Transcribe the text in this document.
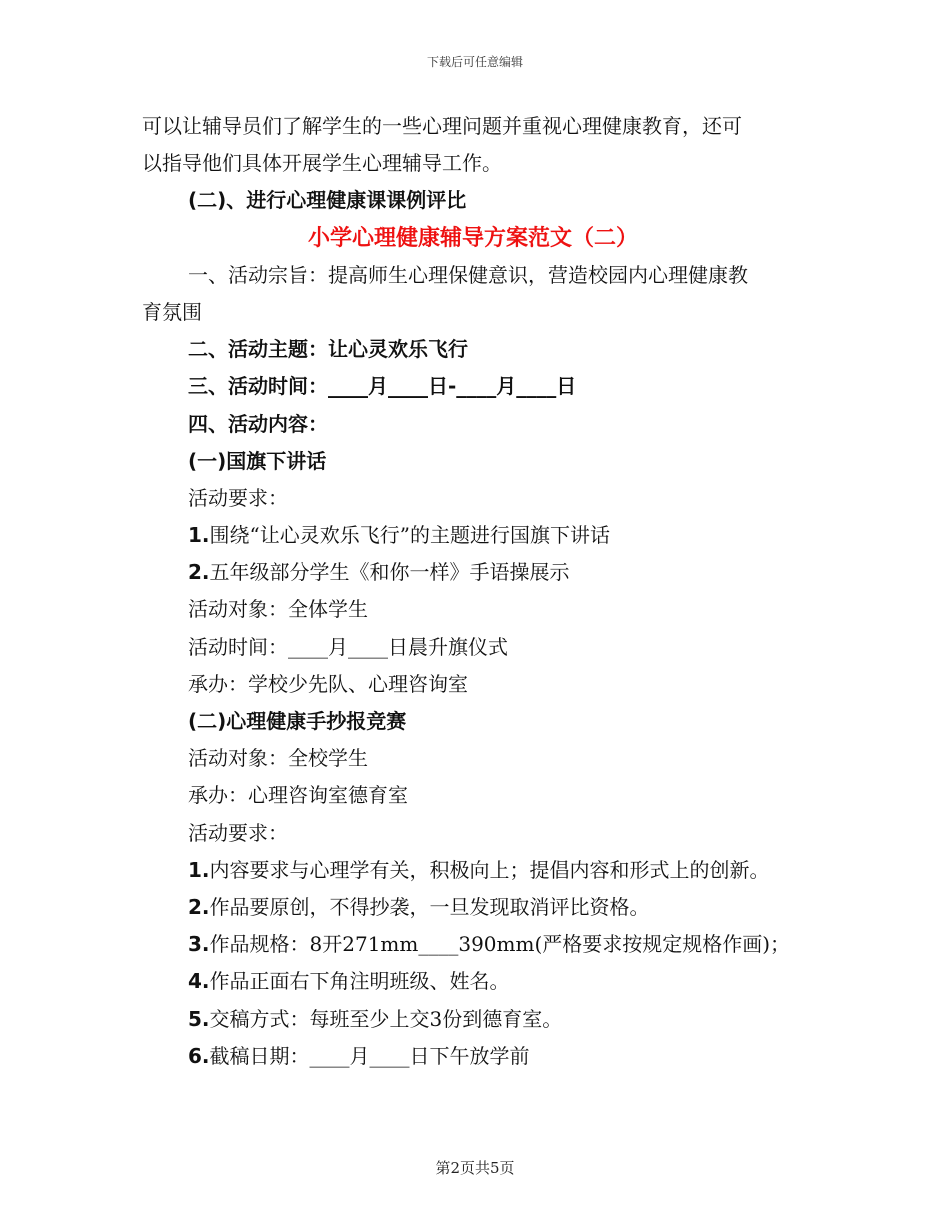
下载后可任意编辑
可以让辅导员们了解学生的一些心理问题并重视心理健康教育，还可
以指导他们具体开展学生心理辅导工作。
(二)、进行心理健康课课例评比
小学心理健康辅导方案范文（二）
一、活动宗旨：提高师生心理保健意识，营造校园内心理健康教
育氛围
二、活动主题：让心灵欢乐飞行
三、活动时间：____月____日-____月____日
四、活动内容：
(一)国旗下讲话
活动要求：
1.围绕“让心灵欢乐飞行”的主题进行国旗下讲话
2.五年级部分学生《和你一样》手语操展示
活动对象：全体学生
活动时间：____月____日晨升旗仪式
承办：学校少先队、心理咨询室
(二)心理健康手抄报竞赛
活动对象：全校学生
承办：心理咨询室德育室
活动要求：
1.内容要求与心理学有关，积极向上；提倡内容和形式上的创新。
2.作品要原创，不得抄袭，一旦发现取消评比资格。
3.作品规格：8开271mm____390mm(严格要求按规定规格作画)；
4.作品正面右下角注明班级、姓名。
5.交稿方式：每班至少上交3份到德育室。
6.截稿日期：____月____日下午放学前
第2页共5页
